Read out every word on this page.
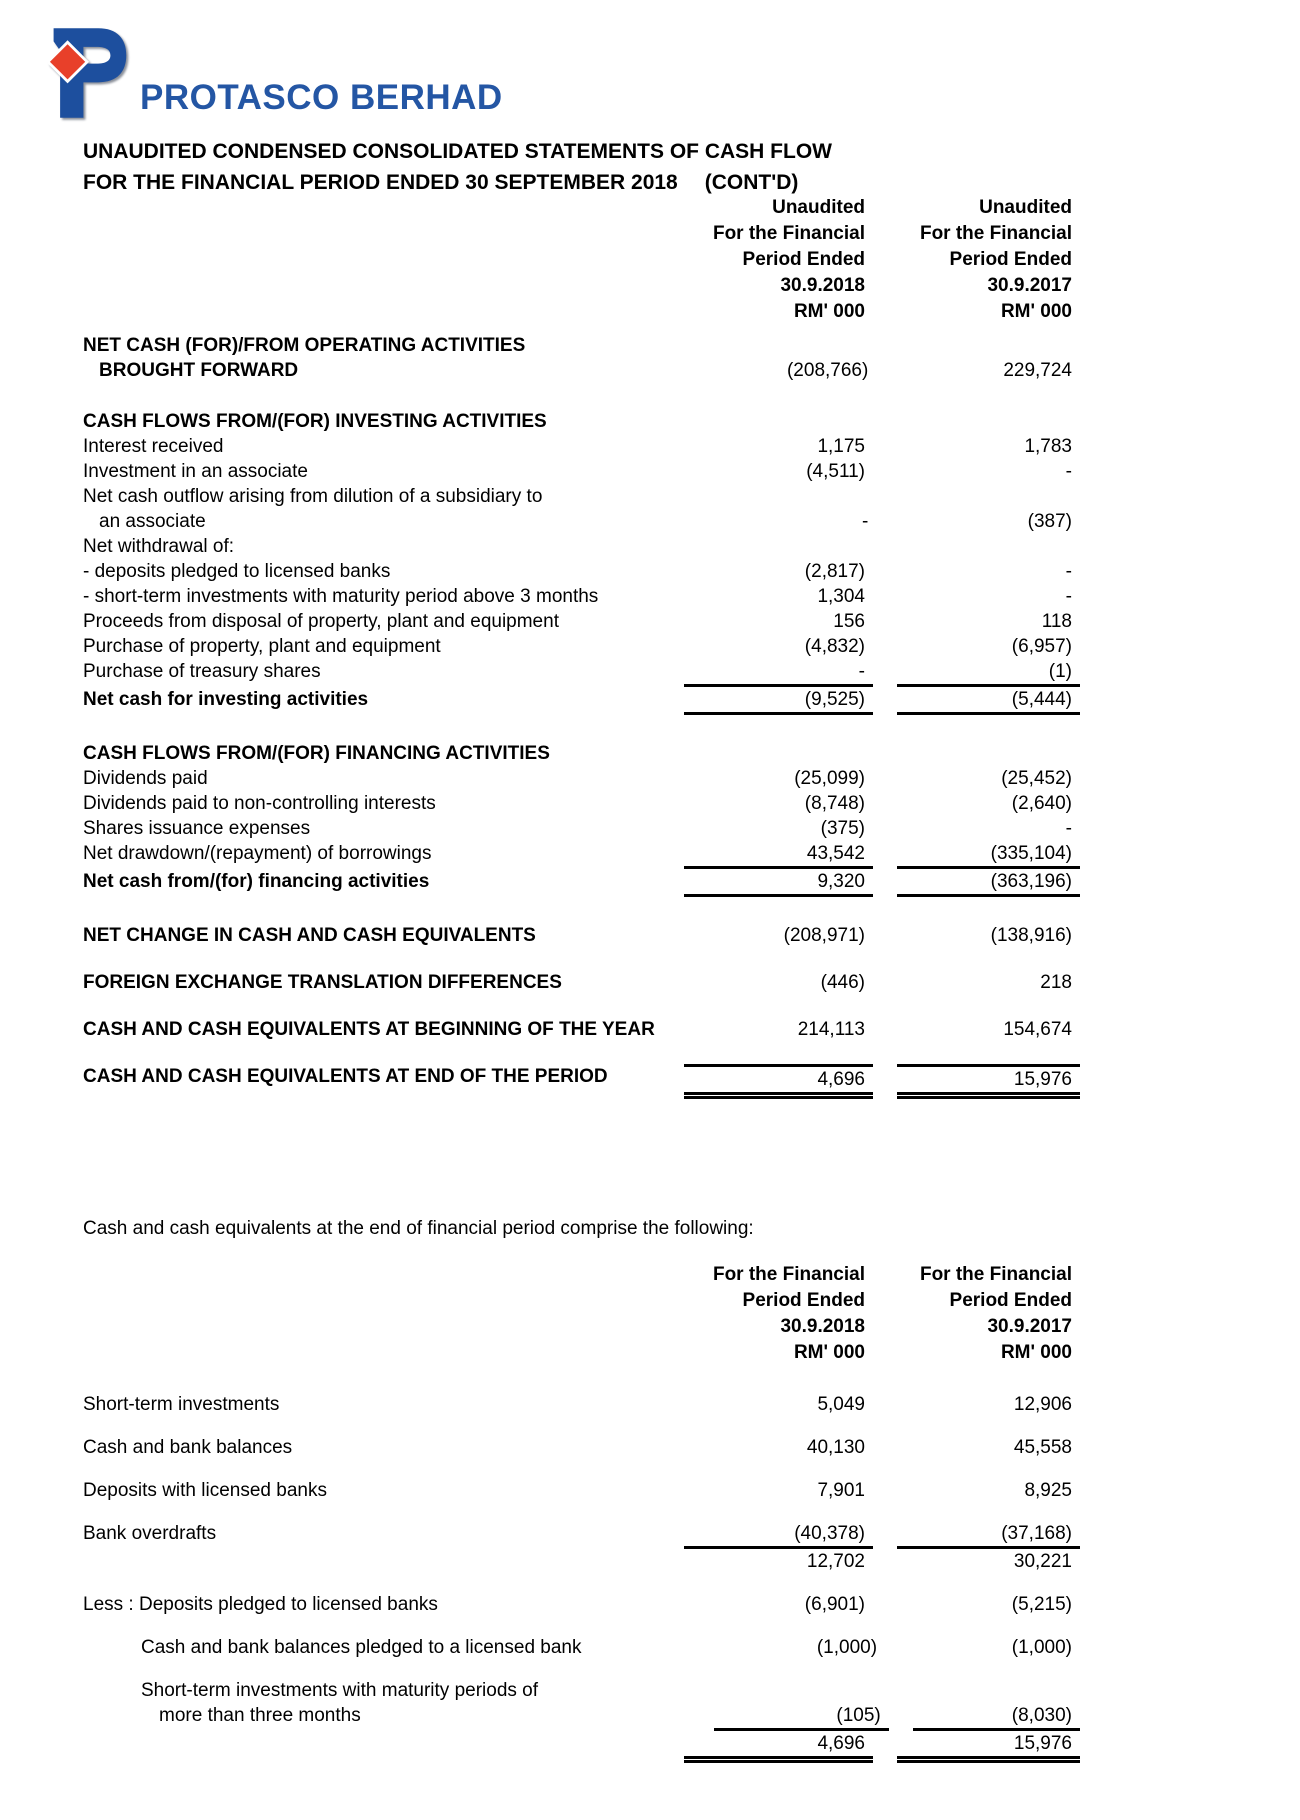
PROTASCO BERHAD
UNAUDITED CONDENSED CONSOLIDATED STATEMENTS OF CASH FLOW
FOR THE FINANCIAL PERIOD ENDED 30 SEPTEMBER 2018 (CONT'D)
Unaudited
For the Financial
Period Ended
30.9.2018
RM' 000
Unaudited
For the Financial
Period Ended
30.9.2017
RM' 000
NET CASH (FOR)/FROM OPERATING ACTIVITIES
BROUGHT FORWARD	(208,766)	229,724
CASH FLOWS FROM/(FOR) INVESTING ACTIVITIES
Interest received	1,175	1,783
Investment in an associate	(4,511)	-
Net cash outflow arising from dilution of a subsidiary to
an associate	-	(387)
Net withdrawal of:
- deposits pledged to licensed banks	(2,817)	-
- short-term investments with maturity period above 3 months	1,304	-
Proceeds from disposal of property, plant and equipment	156	118
Purchase of property, plant and equipment	(4,832)	(6,957)
Purchase of treasury shares	-	(1)
Net cash for investing activities	(9,525)	(5,444)
CASH FLOWS FROM/(FOR) FINANCING ACTIVITIES
Dividends paid	(25,099)	(25,452)
Dividends paid to non-controlling interests	(8,748)	(2,640)
Shares issuance expenses	(375)	-
Net drawdown/(repayment) of borrowings	43,542	(335,104)
Net cash from/(for) financing activities	9,320	(363,196)
NET CHANGE IN CASH AND CASH EQUIVALENTS	(208,971)	(138,916)
FOREIGN EXCHANGE TRANSLATION DIFFERENCES	(446)	218
CASH AND CASH EQUIVALENTS AT BEGINNING OF THE YEAR	214,113	154,674
CASH AND CASH EQUIVALENTS AT END OF THE PERIOD	4,696	15,976
Cash and cash equivalents at the end of financial period comprise the following:
For the Financial
Period Ended
30.9.2018
RM' 000
For the Financial
Period Ended
30.9.2017
RM' 000
Short-term investments	5,049	12,906
Cash and bank balances	40,130	45,558
Deposits with licensed banks	7,901	8,925
Bank overdrafts	(40,378)	(37,168)
12,702	30,221
Less : Deposits pledged to licensed banks	(6,901)	(5,215)
Cash and bank balances pledged to a licensed bank	(1,000)	(1,000)
Short-term investments with maturity periods of
more than three months	(105)	(8,030)
4,696	15,976
